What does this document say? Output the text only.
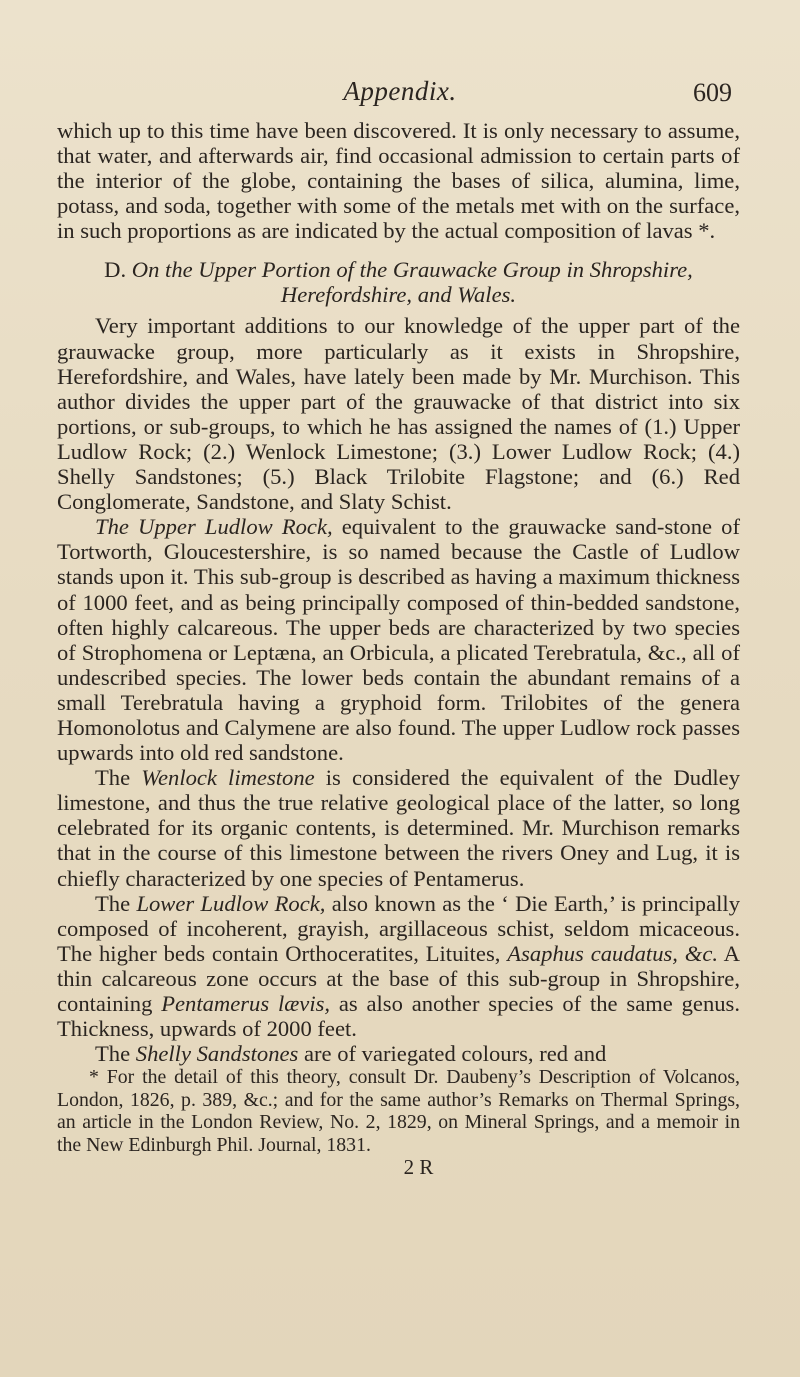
Appendix.	609

which up to this time have been discovered. It is only necessary to assume, that water, and afterwards air, find occasional admission to certain parts of the interior of the globe, containing the bases of silica, alumina, lime, potass, and soda, together with some of the metals met with on the surface, in such proportions as are indicated by the actual composition of lavas *.

D. On the Upper Portion of the Grauwacke Group in Shropshire, Herefordshire, and Wales.

Very important additions to our knowledge of the upper part of the grauwacke group, more particularly as it exists in Shropshire, Herefordshire, and Wales, have lately been made by Mr. Murchison. This author divides the upper part of the grauwacke of that district into six portions, or sub-groups, to which he has assigned the names of (1.) Upper Ludlow Rock; (2.) Wenlock Limestone; (3.) Lower Ludlow Rock; (4.) Shelly Sandstones; (5.) Black Trilobite Flagstone; and (6.) Red Conglomerate, Sandstone, and Slaty Schist.

The Upper Ludlow Rock, equivalent to the grauwacke sand-stone of Tortworth, Gloucestershire, is so named because the Castle of Ludlow stands upon it. This sub-group is described as having a maximum thickness of 1000 feet, and as being principally composed of thin-bedded sandstone, often highly calcareous. The upper beds are characterized by two species of Strophomena or Leptæna, an Orbicula, a plicated Terebratula, &c., all of undescribed species. The lower beds contain the abundant remains of a small Terebratula having a gryphoid form. Trilobites of the genera Homonolotus and Calymene are also found. The upper Ludlow rock passes upwards into old red sandstone.

The Wenlock limestone is considered the equivalent of the Dudley limestone, and thus the true relative geological place of the latter, so long celebrated for its organic contents, is determined. Mr. Murchison remarks that in the course of this limestone between the rivers Oney and Lug, it is chiefly characterized by one species of Pentamerus.

The Lower Ludlow Rock, also known as the ‘ Die Earth,’ is principally composed of incoherent, grayish, argillaceous schist, seldom micaceous. The higher beds contain Orthoceratites, Lituites, Asaphus caudatus, &c. A thin calcareous zone occurs at the base of this sub-group in Shropshire, containing Pentamerus lævis, as also another species of the same genus. Thickness, upwards of 2000 feet.

The Shelly Sandstones are of variegated colours, red and

* For the detail of this theory, consult Dr. Daubeny’s Description of Volcanos, London, 1826, p. 389, &c.; and for the same author’s Remarks on Thermal Springs, an article in the London Review, No. 2, 1829, on Mineral Springs, and a memoir in the New Edinburgh Phil. Journal, 1831.

2 R
